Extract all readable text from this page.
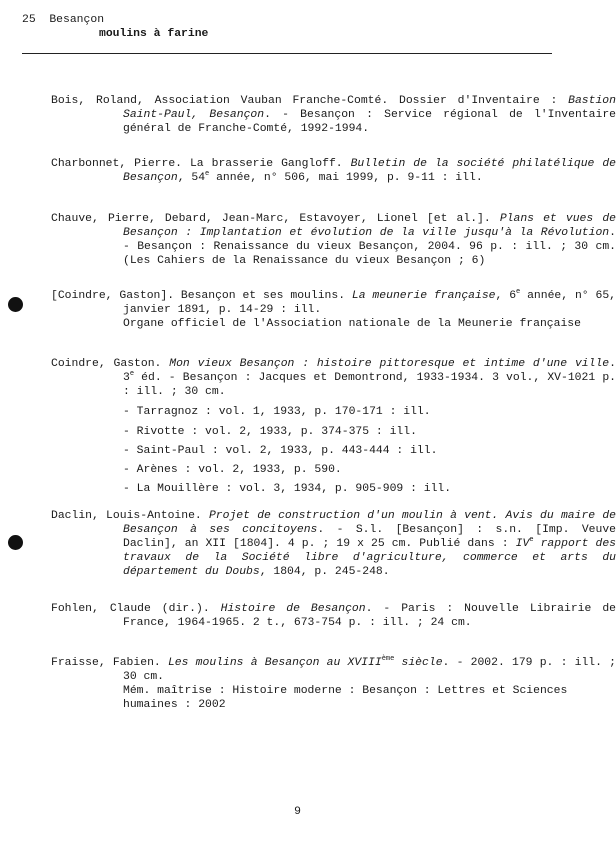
25 Besançon
moulins à farine
Bois, Roland, Association Vauban Franche-Comté. Dossier d'Inventaire : Bastion Saint-Paul, Besançon. - Besançon : Service régional de l'Inventaire général de Franche-Comté, 1992-1994.
Charbonnet, Pierre. La brasserie Gangloff. Bulletin de la société philatélique de Besançon, 54e année, n° 506, mai 1999, p. 9-11 : ill.
Chauve, Pierre, Debard, Jean-Marc, Estavoyer, Lionel [et al.]. Plans et vues de Besançon : Implantation et évolution de la ville jusqu'à la Révolution. - Besançon : Renaissance du vieux Besançon, 2004. 96 p. : ill. ; 30 cm. (Les Cahiers de la Renaissance du vieux Besançon ; 6)

[Coindre, Gaston]. Besançon et ses moulins. La meunerie française, 6e année, n° 65, janvier 1891, p. 14-29 : ill.

Organe officiel de l'Association nationale de la Meunerie française

Coindre, Gaston. Mon vieux Besançon : histoire pittoresque et intime d'une ville. 3e éd. - Besançon : Jacques et Demontrond, 1933-1934. 3 vol., XV-1021 p. : ill. ; 30 cm.
- Tarragnoz : vol. 1, 1933, p. 170-171 : ill.
- Rivotte : vol. 2, 1933, p. 374-375 : ill.
- Saint-Paul : vol. 2, 1933, p. 443-444 : ill.
- Arènes : vol. 2, 1933, p. 590.
- La Mouillère : vol. 3, 1934, p. 905-909 : ill.
Daclin, Louis-Antoine. Projet de construction d'un moulin à vent. Avis du maire de Besançon à ses concitoyens. - S.l. [Besançon] : s.n. [Imp. Veuve Daclin], an XII [1804]. 4 p. ; 19 x 25 cm. Publié dans : IVe rapport des travaux de la Société libre d'agriculture, commerce et arts du département du Doubs, 1804, p. 245-248.
Fohlen, Claude (dir.). Histoire de Besançon. - Paris : Nouvelle Librairie de France, 1964-1965. 2 t., 673-754 p. : ill. ; 24 cm.

Fraisse, Fabien. Les moulins à Besançon au XVIIIème siècle. - 2002. 179 p. : ill. ; 30 cm.

Mém. maîtrise : Histoire moderne : Besançon : Lettres et Sciences humaines : 2002

9
